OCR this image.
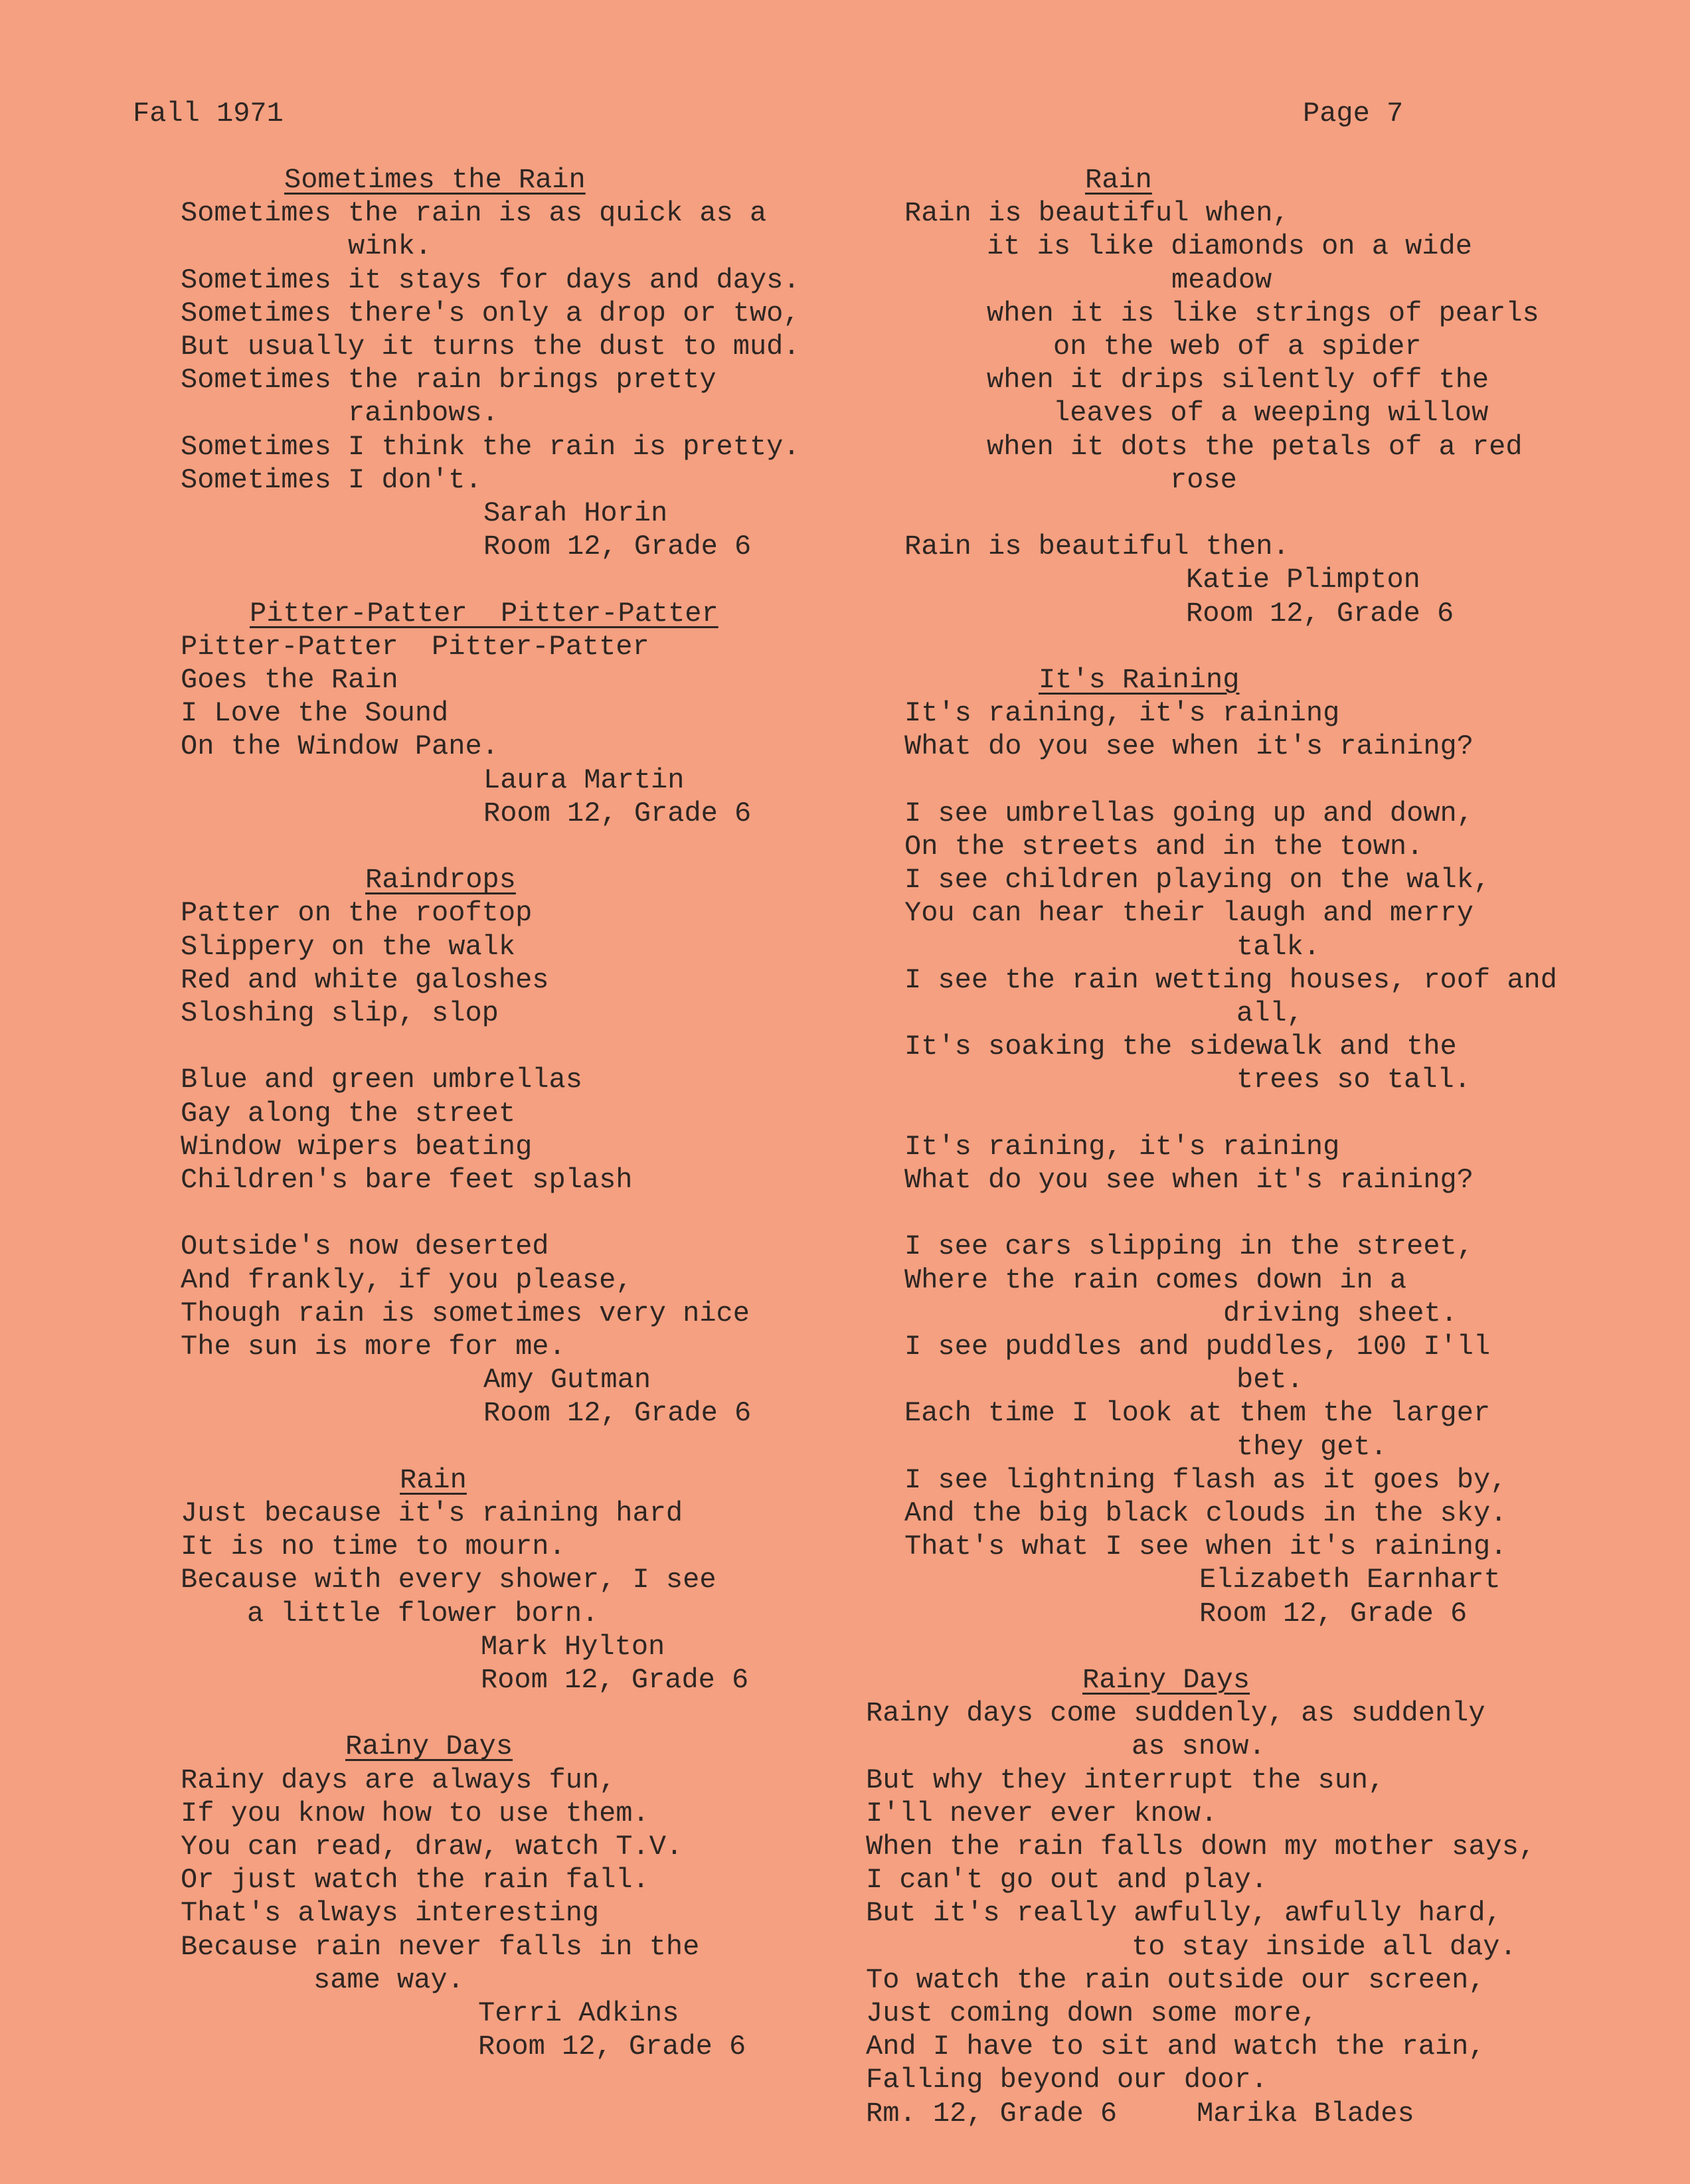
Fall 1971	Page 7
Sometimes the Rain
Sometimes the rain is as quick as a
wink.
Sometimes it stays for days and days.
Sometimes there's only a drop or two,
But usually it turns the dust to mud.
Sometimes the rain brings pretty
rainbows.
Sometimes I think the rain is pretty.
Sometimes I don't.
Sarah Horin
Room 12, Grade 6
Pitter-Patter  Pitter-Patter
Pitter-Patter  Pitter-Patter
Goes the Rain
I Love the Sound
On the Window Pane.
Laura Martin
Room 12, Grade 6
Raindrops
Patter on the rooftop
Slippery on the walk
Red and white galoshes
Sloshing slip, slop
Blue and green umbrellas
Gay along the street
Window wipers beating
Children's bare feet splash
Outside's now deserted
And frankly, if you please,
Though rain is sometimes very nice
The sun is more for me.
Amy Gutman
Room 12, Grade 6
Rain
Just because it's raining hard
It is no time to mourn.
Because with every shower, I see
a little flower born.
Mark Hylton
Room 12, Grade 6
Rainy Days
Rainy days are always fun,
If you know how to use them.
You can read, draw, watch T.V.
Or just watch the rain fall.
That's always interesting
Because rain never falls in the
same way.
Terri Adkins
Room 12, Grade 6
Rain
Rain is beautiful when,
it is like diamonds on a wide
meadow
when it is like strings of pearls
on the web of a spider
when it drips silently off the
leaves of a weeping willow
when it dots the petals of a red
rose
Rain is beautiful then.
Katie Plimpton
Room 12, Grade 6
It's Raining
It's raining, it's raining
What do you see when it's raining?
I see umbrellas going up and down,
On the streets and in the town.
I see children playing on the walk,
You can hear their laugh and merry
talk.
I see the rain wetting houses, roof and
all,
It's soaking the sidewalk and the
trees so tall.
It's raining, it's raining
What do you see when it's raining?
I see cars slipping in the street,
Where the rain comes down in a
driving sheet.
I see puddles and puddles, 100 I'll
bet.
Each time I look at them the larger
they get.
I see lightning flash as it goes by,
And the big black clouds in the sky.
That's what I see when it's raining.
Elizabeth Earnhart
Room 12, Grade 6
Rainy Days
Rainy days come suddenly, as suddenly
as snow.
But why they interrupt the sun,
I'll never ever know.
When the rain falls down my mother says,
I can't go out and play.
But it's really awfully, awfully hard,
to stay inside all day.
To watch the rain outside our screen,
Just coming down some more,
And I have to sit and watch the rain,
Falling beyond our door.
Rm. 12, Grade 6	Marika Blades
